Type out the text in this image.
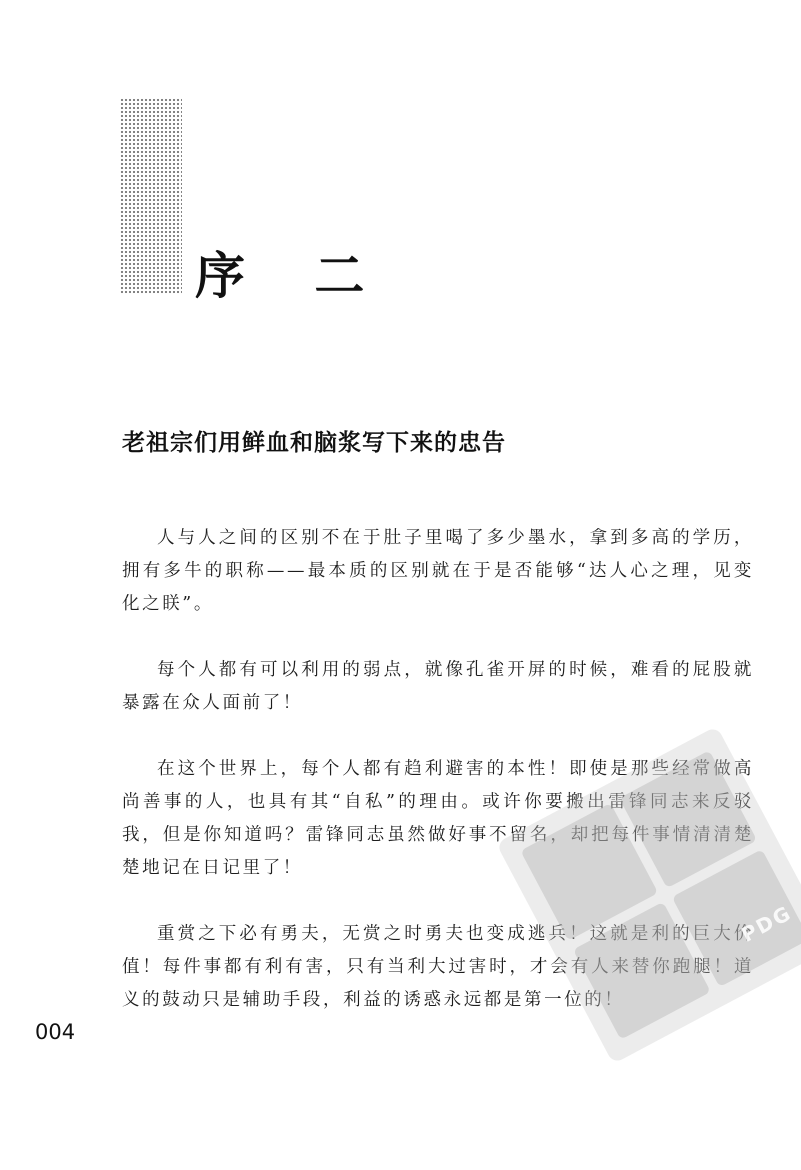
序 二
老祖宗们用鲜血和脑浆写下来的忠告

人与人之间的区别不在于肚子里喝了多少墨水，拿到多高的学历，拥有多牛的职称——最本质的区别就在于是否能够“达人心之理，见变化之眹”。

每个人都有可以利用的弱点，就像孔雀开屏的时候，难看的屁股就暴露在众人面前了！

在这个世界上，每个人都有趋利避害的本性！即使是那些经常做高尚善事的人，也具有其“自私”的理由。或许你要搬出雷锋同志来反驳我，但是你知道吗？雷锋同志虽然做好事不留名，却把每件事情清清楚楚地记在日记里了！

重赏之下必有勇夫，无赏之时勇夫也变成逃兵！这就是利的巨大价值！每件事都有利有害，只有当利大过害时，才会有人来替你跑腿！道义的鼓动只是辅助手段，利益的诱惑永远都是第一位的！

004
PDG
